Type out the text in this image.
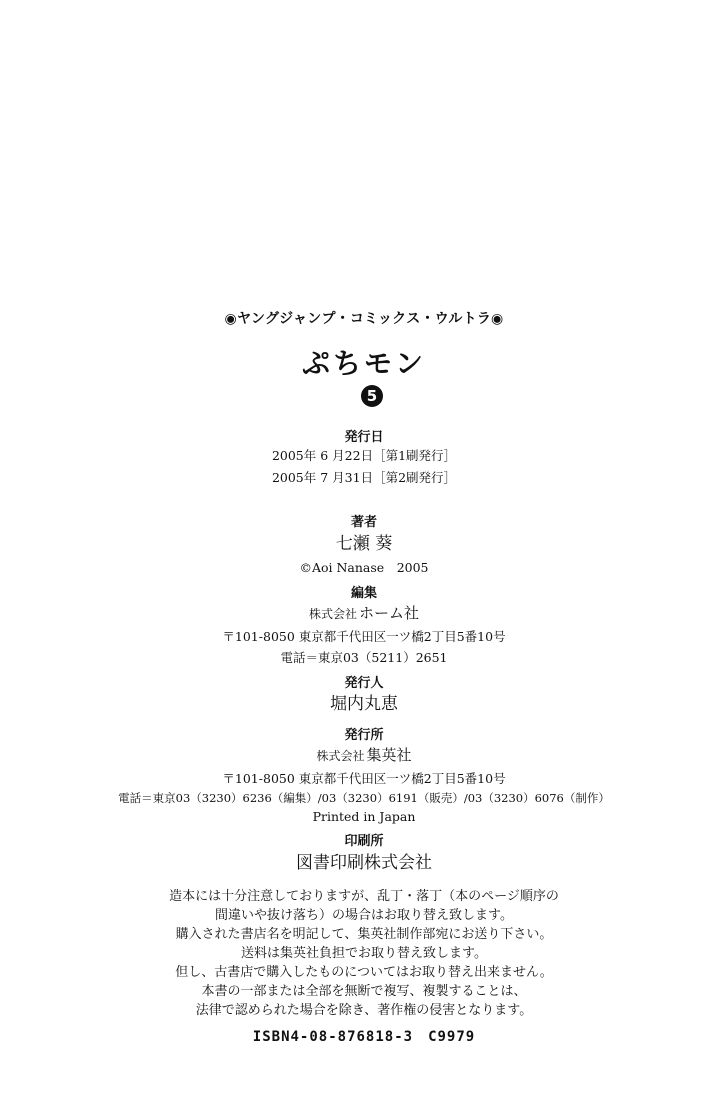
◉ヤングジャンプ・コミックス・ウルトラ◉
ぷちモン
5
発行日
2005年 6 月22日［第1刷発行］
2005年 7 月31日［第2刷発行］
著者
七瀬 葵
©Aoi Nanase　2005
編集
株式会社 ホーム社
〒101-8050 東京都千代田区一ツ橋2丁目5番10号
電話＝東京03（5211）2651
発行人
堀内丸恵
発行所
株式会社 集英社
〒101-8050 東京都千代田区一ツ橋2丁目5番10号
電話＝東京03（3230）6236（編集）/03（3230）6191（販売）/03（3230）6076（制作）
Printed in Japan
印刷所
図書印刷株式会社
造本には十分注意しておりますが、乱丁・落丁（本のページ順序の
間違いや抜け落ち）の場合はお取り替え致します。
購入された書店名を明記して、集英社制作部宛にお送り下さい。
送料は集英社負担でお取り替え致します。
但し、古書店で購入したものについてはお取り替え出来ません。
本書の一部または全部を無断で複写、複製することは、
法律で認められた場合を除き、著作権の侵害となります。
ISBN4-08-876818-3　C9979
